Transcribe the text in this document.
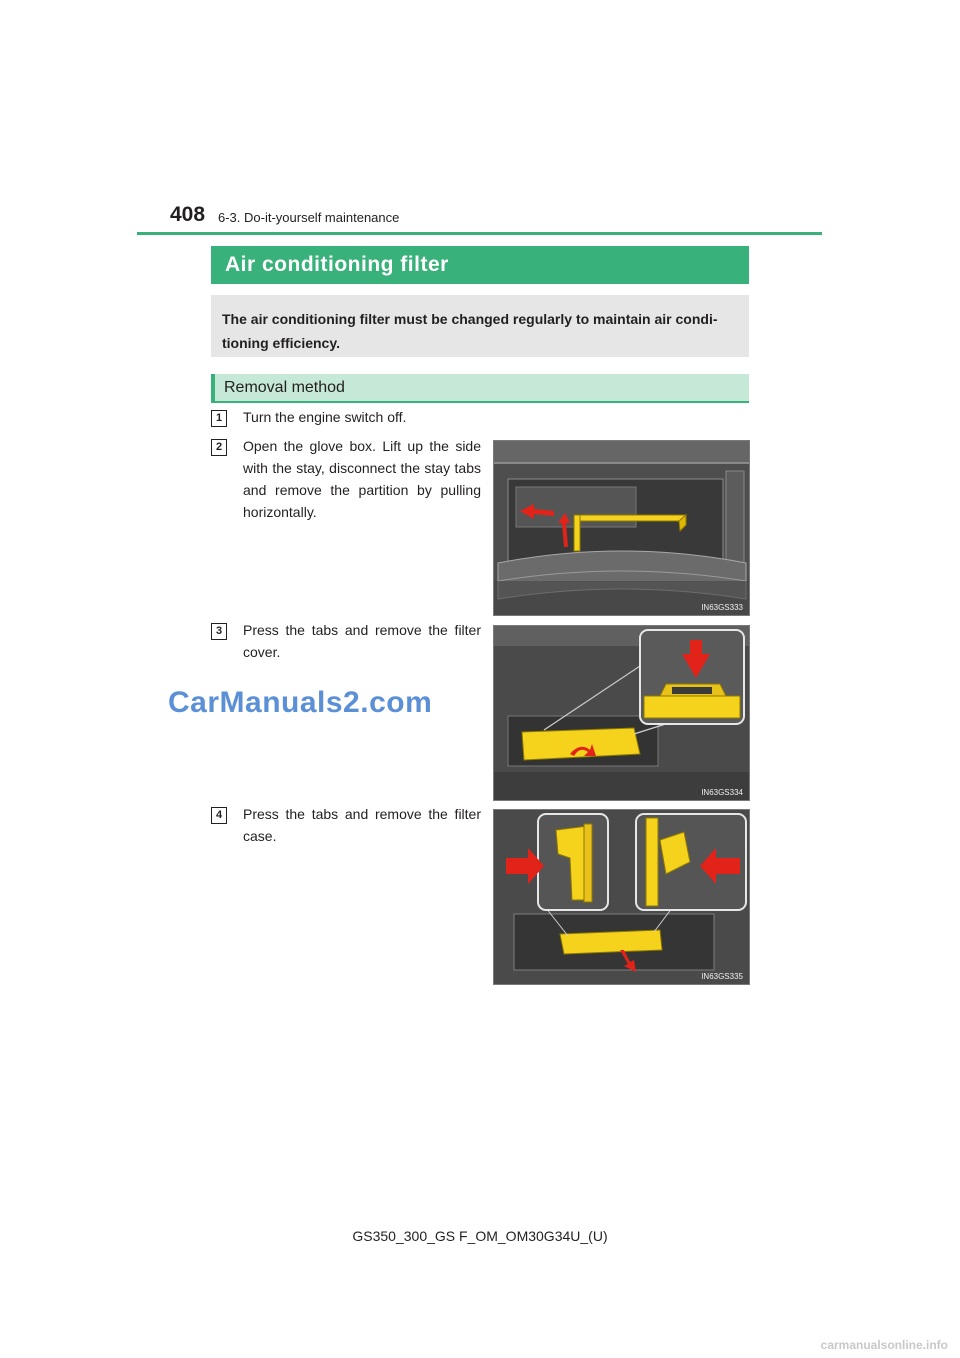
408 6-3. Do-it-yourself maintenance
Air conditioning filter
The air conditioning filter must be changed regularly to maintain air condi-tioning efficiency.
Removal method
1	Turn the engine switch off.
2	Open the glove box. Lift up the side with the stay, disconnect the stay tabs and remove the partition by pulling horizontally.
IN63GS333
3	Press the tabs and remove the filter cover.
IN63GS334
4	Press the tabs and remove the filter case.
IN63GS335
CarManuals2.com
GS350_300_GS F_OM_OM30G34U_(U)
carmanualsonline.info
